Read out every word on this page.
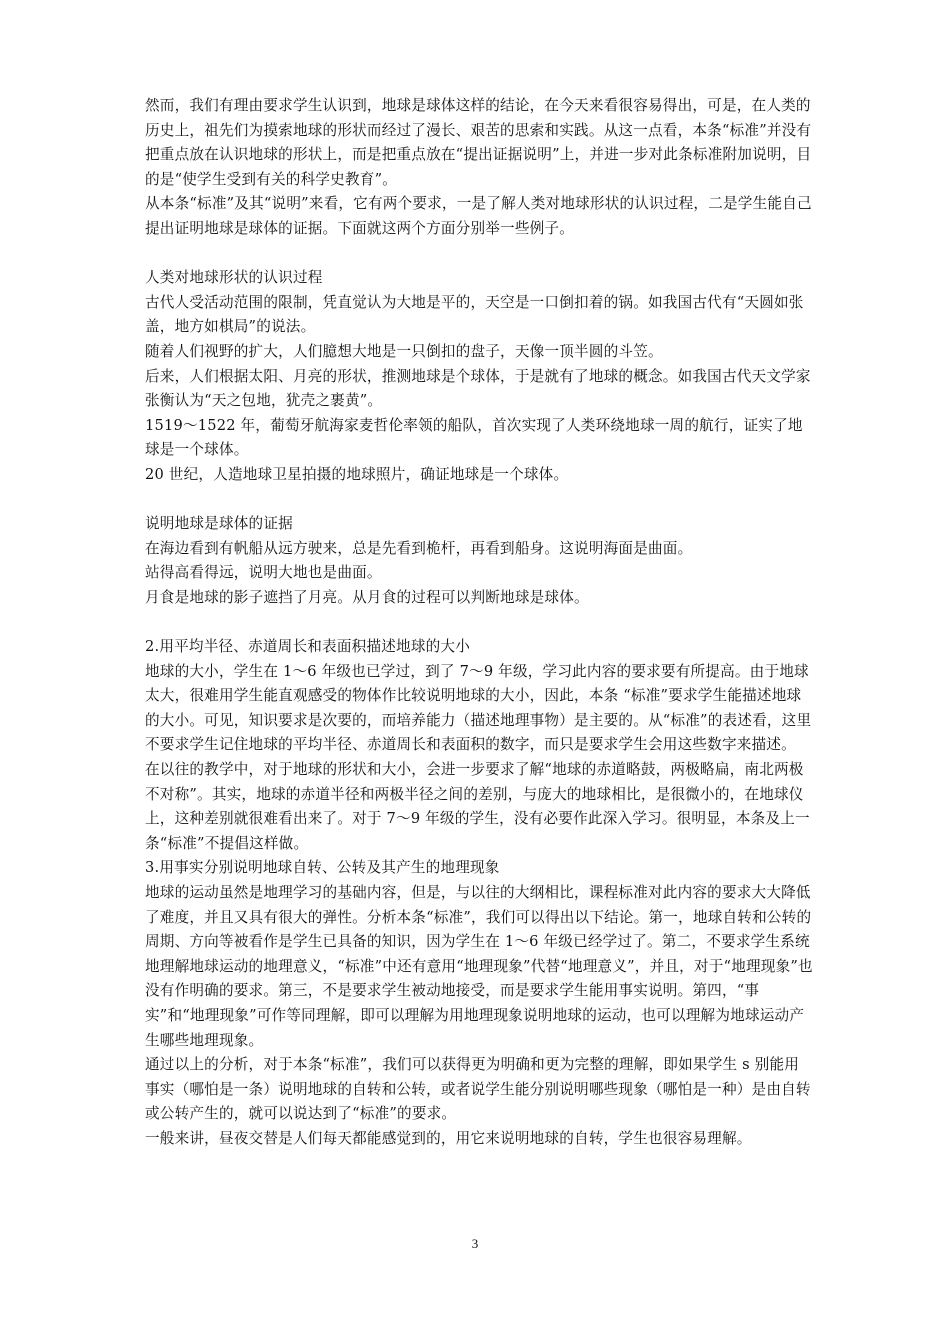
然而，我们有理由要求学生认识到，地球是球体这样的结论，在今天来看很容易得出，可是，在人类的历史上，祖先们为摸索地球的形状而经过了漫长、艰苦的思索和实践。从这一点看，本条“标准”并没有把重点放在认识地球的形状上，而是把重点放在“提出证据说明”上，并进一步对此条标准附加说明，目的是“使学生受到有关的科学史教育”。

从本条“标准”及其“说明”来看，它有两个要求，一是了解人类对地球形状的认识过程，二是学生能自己提出证明地球是球体的证据。下面就这两个方面分别举一些例子。

人类对地球形状的认识过程

古代人受活动范围的限制，凭直觉认为大地是平的，天空是一口倒扣着的锅。如我国古代有“天圆如张盖，地方如棋局”的说法。

随着人们视野的扩大，人们臆想大地是一只倒扣的盘子，天像一顶半圆的斗笠。

后来，人们根据太阳、月亮的形状，推测地球是个球体，于是就有了地球的概念。如我国古代天文学家张衡认为“天之包地，犹壳之裹黄”。

1519～1522 年，葡萄牙航海家麦哲伦率领的船队，首次实现了人类环绕地球一周的航行，证实了地球是一个球体。

20 世纪，人造地球卫星拍摄的地球照片，确证地球是一个球体。

说明地球是球体的证据

在海边看到有帆船从远方驶来，总是先看到桅杆，再看到船身。这说明海面是曲面。

站得高看得远，说明大地也是曲面。

月食是地球的影子遮挡了月亮。从月食的过程可以判断地球是球体。

2.用平均半径、赤道周长和表面积描述地球的大小

地球的大小，学生在 1～6 年级也已学过，到了 7～9 年级，学习此内容的要求要有所提高。由于地球太大，很难用学生能直观感受的物体作比较说明地球的大小，因此，本条 “标准”要求学生能描述地球的大小。可见，知识要求是次要的，而培养能力（描述地理事物）是主要的。从“标准”的表述看，这里不要求学生记住地球的平均半径、赤道周长和表面积的数字，而只是要求学生会用这些数字来描述。

在以往的教学中，对于地球的形状和大小，会进一步要求了解“地球的赤道略鼓，两极略扁，南北两极不对称”。其实，地球的赤道半径和两极半径之间的差别，与庞大的地球相比，是很微小的，在地球仪上，这种差别就很难看出来了。对于 7～9 年级的学生，没有必要作此深入学习。很明显，本条及上一条“标准”不提倡这样做。

3.用事实分别说明地球自转、公转及其产生的地理现象

地球的运动虽然是地理学习的基础内容，但是，与以往的大纲相比，课程标准对此内容的要求大大降低了难度，并且又具有很大的弹性。分析本条“标准”，我们可以得出以下结论。第一，地球自转和公转的周期、方向等被看作是学生已具备的知识，因为学生在 1～6 年级已经学过了。第二，不要求学生系统地理解地球运动的地理意义，“标准”中还有意用“地理现象”代替“地理意义”，并且，对于“地理现象”也没有作明确的要求。第三，不是要求学生被动地接受，而是要求学生能用事实说明。第四，“事实”和“地理现象”可作等同理解，即可以理解为用地理现象说明地球的运动，也可以理解为地球运动产生哪些地理现象。

通过以上的分析，对于本条“标准”，我们可以获得更为明确和更为完整的理解，即如果学生 s 别能用事实（哪怕是一条）说明地球的自转和公转，或者说学生能分别说明哪些现象（哪怕是一种）是由自转或公转产生的，就可以说达到了“标准”的要求。

一般来讲，昼夜交替是人们每天都能感觉到的，用它来说明地球的自转，学生也很容易理解。

3
